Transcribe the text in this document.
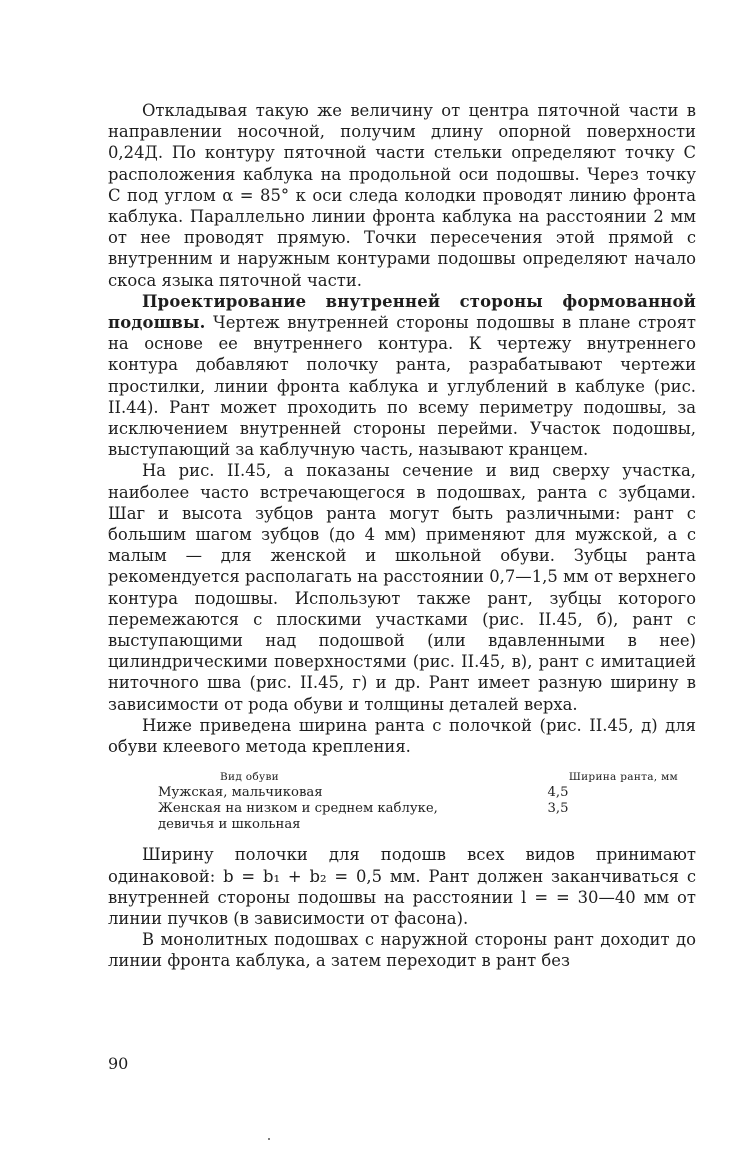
Откладывая такую же величину от центра пяточной части в направлении носочной, получим длину опорной поверхности 0,24Д. По контуру пяточной части стельки определяют точку С расположения каблука на продольной оси подошвы. Через точку С под углом α = 85° к оси следа колодки проводят линию фронта каблука. Параллельно линии фронта каблука на расстоянии 2 мм от нее проводят прямую. Точки пересечения этой прямой с внутренним и наружным контурами подошвы определяют начало скоса языка пяточной части.

Проектирование внутренней стороны формованной подошвы. Чертеж внутренней стороны подошвы в плане строят на основе ее внутреннего контура. К чертежу внутреннего контура добавляют полочку ранта, разрабатывают чертежи простилки, линии фронта каблука и углублений в каблуке (рис. II.44). Рант может проходить по всему периметру подошвы, за исключением внутренней стороны перейми. Участок подошвы, выступающий за каблучную часть, называют кранцем.

На рис. II.45, а показаны сечение и вид сверху участка, наиболее часто встречающегося в подошвах, ранта с зубцами. Шаг и высота зубцов ранта могут быть различными: рант с большим шагом зубцов (до 4 мм) применяют для мужской, а с малым — для женской и школьной обуви. Зубцы ранта рекомендуется располагать на расстоянии 0,7—1,5 мм от верхнего контура подошвы. Используют также рант, зубцы которого перемежаются с плоскими участками (рис. II.45, б), рант с выступающими над подошвой (или вдавленными в нее) цилиндрическими поверхностями (рис. II.45, в), рант с имитацией ниточного шва (рис. II.45, г) и др. Рант имеет разную ширину в зависимости от рода обуви и толщины деталей верха.

Ниже приведена ширина ранта с полочкой (рис. II.45, д) для обуви клеевого метода крепления.

Вид обуви	Ширина ранта, мм
Мужская, мальчиковая	4,5
Женская на низком и среднем каблуке,	3,5
девичья и школьная

Ширину полочки для подошв всех видов принимают одинаковой: b = b₁ + b₂ = 0,5 мм. Рант должен заканчиваться с внутренней стороны подошвы на расстоянии l = = 30—40 мм от линии пучков (в зависимости от фасона).

В монолитных подошвах с наружной стороны рант доходит до линии фронта каблука, а затем переходит в рант без

90
